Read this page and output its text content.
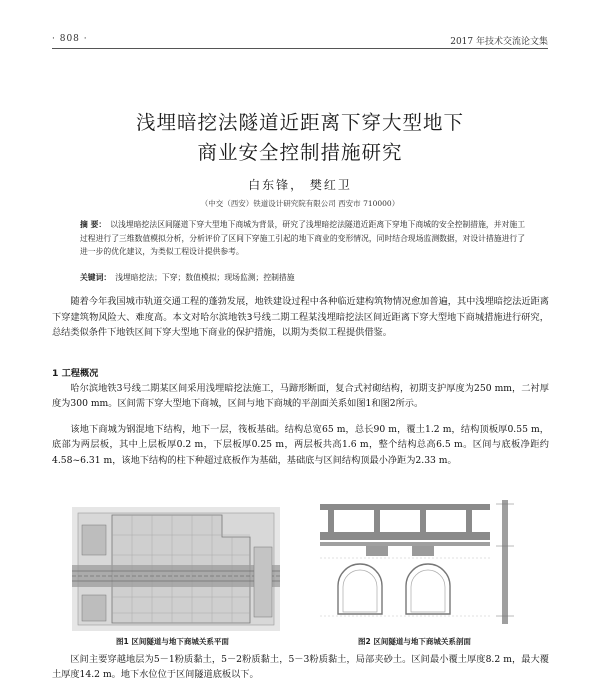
· 808 ·	2017 年技术交流论文集
浅埋暗挖法隧道近距离下穿大型地下
商业安全控制措施研究
白东锋， 樊红卫
（中交（西安）铁道设计研究院有限公司 西安市 710000）
摘 要： 以浅埋暗挖法区间隧道下穿大型地下商城为背景，研究了浅埋暗挖法隧道近距离下穿地下商城的安全控制措施，并对施工过程进行了三维数值模拟分析，分析评价了区间下穿施工引起的地下商业的变形情况，同时结合现场监测数据，对设计措施进行了进一步的优化建议，为类似工程设计提供参考。
关键词： 浅埋暗挖法；下穿；数值模拟；现场监测；控制措施
随着今年我国城市轨道交通工程的蓬勃发展，地铁建设过程中各种临近建构筑物情况愈加普遍，其中浅埋暗挖法近距离下穿建筑物风险大、难度高。本文对哈尔滨地铁3号线二期工程某浅埋暗挖法区间近距离下穿大型地下商城措施进行研究，总结类似条件下地铁区间下穿大型地下商业的保护措施，以期为类似工程提供借鉴。
1 工程概况
哈尔滨地铁3号线二期某区间采用浅埋暗挖法施工，马蹄形断面，复合式衬砌结构，初期支护厚度为250 mm，二衬厚度为300 mm。区间需下穿大型地下商城，区间与地下商城的平剖面关系如图1和图2所示。
该地下商城为钢混地下结构，地下一层，筏板基础。结构总宽65 m，总长90 m，覆土1.2 m，结构顶板厚0.55 m，底部为两层板，其中上层板厚0.2 m，下层板厚0.25 m，两层板共高1.6 m，整个结构总高6.5 m。区间与底板净距约4.58~6.31 m，该地下结构的柱下种超过底板作为基础，基础底与区间结构顶最小净距为2.33 m。
图1 区间隧道与地下商城关系平面	图2 区间隧道与地下商城关系剖面
区间主要穿越地层为5－1粉质黏土，5－2粉质黏土，5－3粉质黏土，局部夹砂土。区间最小覆土厚度8.2 m，最大覆土厚度14.2 m。地下水位位于区间隧道底板以下。
